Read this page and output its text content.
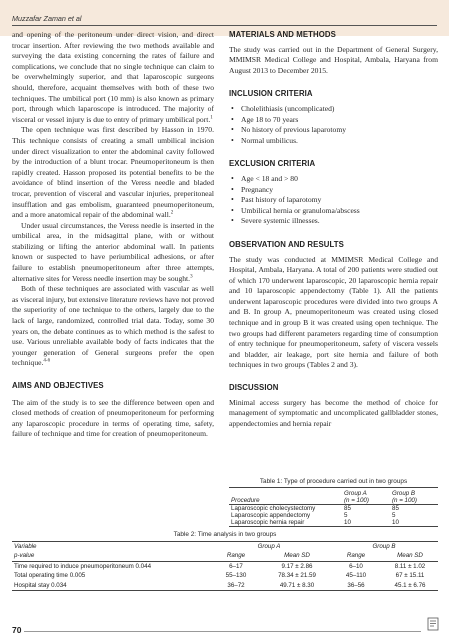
Muzzafar Zaman et al

and opening of the peritoneum under direct vision, and direct trocar insertion. After reviewing the two methods available and surveying the data existing concerning the rates of failure and complications, we conclude that no single technique can claim to be overwhelmingly superior, and that laparoscopic surgeons should, therefore, acquaint themselves with both of these two techniques. The umbilical port (10 mm) is also known as primary port, through which laparoscope is introduced. The majority of visceral or vessel injury is due to entry of primary umbilical port.$^1$

The open technique was first described by Hasson in 1970. This technique consists of creating a small umbilical incision under direct visualization to enter the abdominal cavity followed by the introduction of a blunt trocar. Pneumoperitoneum is then rapidly created. Hasson proposed its potential benefits to be the avoidance of blind insertion of the Veress needle and bladed trocar, prevention of visceral and vascular injuries, preperitoneal insufflation and gas embolism, guaranteed pneumoperitoneum, and a more anatomical repair of the abdominal wall.$^2$

Under usual circumstances, the Veress needle is inserted in the umbilical area, in the midsagittal plane, with or without stabilizing or lifting the anterior abdominal wall. In patients known or suspected to have periumbilical adhesions, or after failure to establish pneumoperitoneum after three attempts, alternative sites for Veress needle insertion may be sought.$^3$

Both of these techniques are associated with vascular as well as visceral injury, but extensive literature reviews have not proved the superiority of one technique to the others, largely due to the lack of large, randomized, controlled trial data. Today, some 30 years on, the debate continues as to which method is the safest to use. Various unreliable available body of facts indicates that the younger generation of General surgeons prefer the open technique.$^{4-6}$

AIMS AND OBJECTIVES

The aim of the study is to see the difference between open and closed methods of creation of pneumoperitoneum for performing any laparoscopic procedure in terms of operating time, safety, failure of technique and time for creation of pneumoperitoneum.

MATERIALS AND METHODS

The study was carried out in the Department of General Surgery, MMIMSR Medical College and Hospital, Ambala, Haryana from August 2013 to December 2015.

INCLUSION CRITERIA
• Cholelithiasis (uncomplicated)
• Age 18 to 70 years
• No history of previous laparotomy
• Normal umbilicus.
EXCLUSION CRITERIA
• Age < 18 and > 80
• Pregnancy
• Past history of laparotomy
• Umbilical hernia or granuloma/abscess
• Severe systemic illnesses.
OBSERVATION AND RESULTS

The study was conducted at MMIMSR Medical College and Hospital, Ambala, Haryana. A total of 200 patients were studied out of which 170 underwent laparoscopic, 20 laparoscopic hernia repair and 10 laparoscopic appendectomy (Table 1). All the patients underwent laparoscopic procedures were divided into two groups A and B. In group A, pneumoperitoneum was created using closed technique and in group B it was created using open technique. The two groups had different parameters regarding time of consumption of entry technique for pneumoperitoneum, safety of viscera vessels and bladder, air leakage, port site hernia and failure of both techniques in two groups (Tables 2 and 3).

DISCUSSION

Minimal access surgery has become the method of choice for management of symptomatic and uncomplicated gallbladder stones, appendectomies and hernia repair

Table 1: Type of procedure carried out in two groups
	Group A	Group B
Procedure	(n = 100)	(n = 100)
Laparoscopic cholecystectomy	85	85
Laparoscopic appendectomy	5	5
Laparoscopic hernia repair	10	10
Table 2: Time analysis in two groups
Variable	Group A		Group B	
p-value	Range	Mean SD	Range	Mean SD
Time required to induce pneumoperitoneum 0.044	6–17	9.17 ± 2.86	6–10	8.11 ± 1.02
Total operating time 0.005	55–130	78.34 ± 21.59	45–110	67 ± 15.11
Hospital stay 0.034	36–72	49.71 ± 8.30	36–56	45.1 ± 6.76
70
